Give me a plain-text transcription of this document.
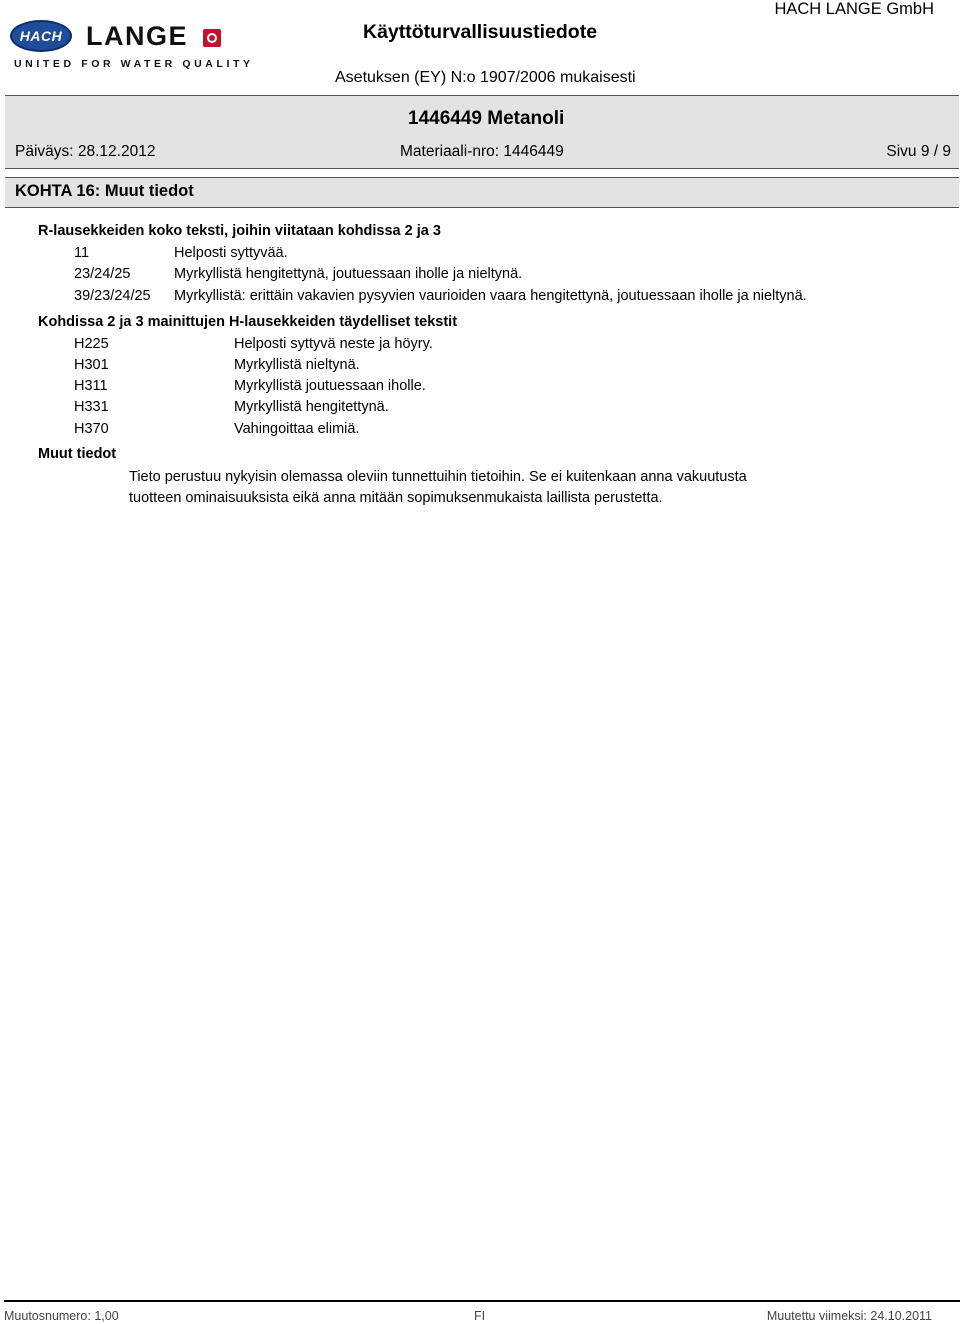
HACH LANGE
UNITED FOR WATER QUALITY
Käyttöturvallisuustiedote
HACH LANGE GmbH
Asetuksen (EY) N:o 1907/2006 mukaisesti
1446449 Metanoli
Päiväys: 28.12.2012	Materiaali-nro: 1446449	Sivu 9 / 9
KOHTA 16: Muut tiedot
R-lausekkeiden koko teksti, joihin viitataan kohdissa 2 ja 3
11	Helposti syttyvää.
23/24/25	Myrkyllistä hengitettynä, joutuessaan iholle ja nieltynä.
39/23/24/25 Myrkyllistä: erittäin vakavien pysyvien vaurioiden vaara hengitettynä, joutuessaan iholle ja nieltynä.
Kohdissa 2 ja 3 mainittujen H-lausekkeiden täydelliset tekstit
H225	Helposti syttyvä neste ja höyry.
H301	Myrkyllistä nieltynä.
H311	Myrkyllistä joutuessaan iholle.
H331	Myrkyllistä hengitettynä.
H370	Vahingoittaa elimiä.
Muut tiedot
Tieto perustuu nykyisin olemassa oleviin tunnettuihin tietoihin. Se ei kuitenkaan anna vakuutusta
tuotteen ominaisuuksista eikä anna mitään sopimuksenmukaista laillista perustetta.
Muutosnumero: 1,00	FI	Muutettu viimeksi: 24.10.2011
